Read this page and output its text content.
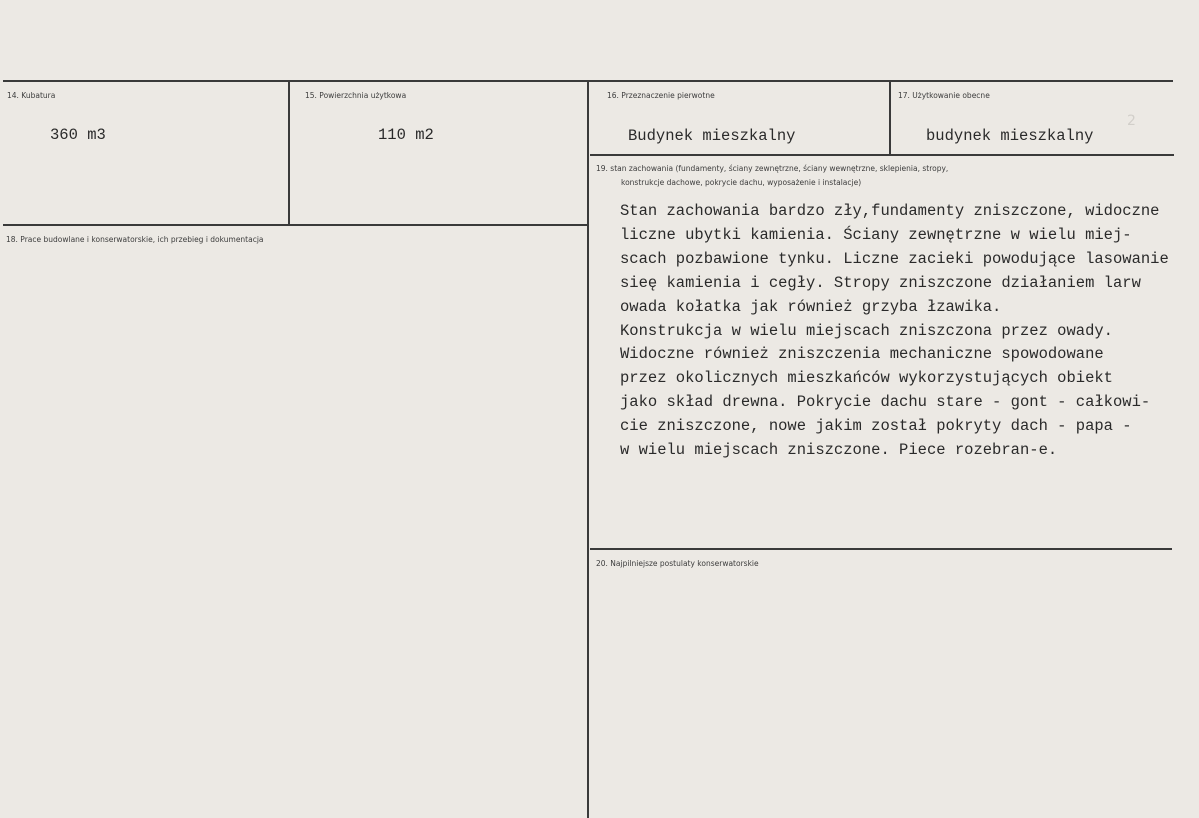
14. Kubatura
360 m3
15. Powierzchnia użytkowa
110 m2
16. Przeznaczenie pierwotne
Budynek mieszkalny
17. Użytkowanie obecne
budynek mieszkalny
2
18. Prace budowlane i konserwatorskie, ich przebieg i dokumentacja
19. stan zachowania (fundamenty, ściany zewnętrzne, ściany wewnętrzne, sklepienia, stropy,
konstrukcje dachowe, pokrycie dachu, wyposażenie i instalacje)
Stan zachowania bardzo zły,fundamenty zniszczone, widoczne
liczne ubytki kamienia. Ściany zewnętrzne w wielu miej-
scach pozbawione tynku. Liczne zacieki powodujące lasowanie
sieę kamienia i cegły. Stropy zniszczone działaniem larw
owada kołatka jak również grzyba łzawika.
Konstrukcja w wielu miejscach zniszczona przez owady.
Widoczne również zniszczenia mechaniczne spowodowane
przez okolicznych mieszkańców wykorzystujących obiekt
jako skład drewna. Pokrycie dachu stare - gont - całkowi-
cie zniszczone, nowe jakim został pokryty dach - papa -
w wielu miejscach zniszczone. Piece rozebran-e.
20. Najpilniejsze postulaty konserwatorskie
